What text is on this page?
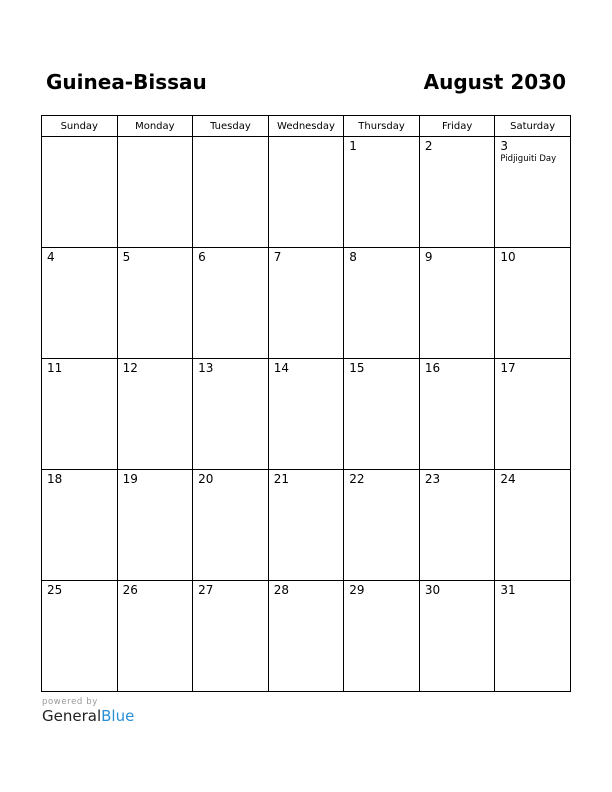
Guinea-Bissau	August 2030
Sunday	Monday	Tuesday	Wednesday	Thursday	Friday	Saturday

				1	2	3
Pidjiguiti Day

4	5	6	7	8	9	10

11	12	13	14	15	16	17

18	19	20	21	22	23	24

25	26	27	28	29	30	31
powered by
GeneralBlue
